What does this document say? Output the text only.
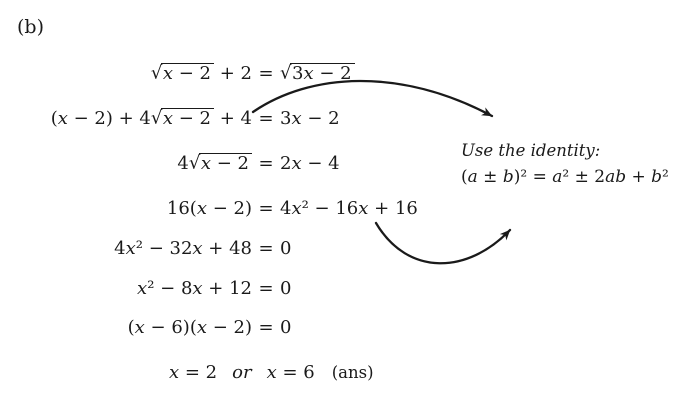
(b)
√ x − 2 + 2 = √ 3x − 2
(x − 2) + 4 √ x − 2 + 4 = 3 x − 2
4 √ x − 2 = 2 x − 4
16( x − 2) = 4 x ² − 16 x + 16
4 x ² − 32 x + 48 = 0
x ² − 8 x + 12 = 0
( x − 6)( x − 2) = 0
x = 2 or x = 6 (ans)
Use the identity:
(a ± b)² = a² ± 2ab + b²
